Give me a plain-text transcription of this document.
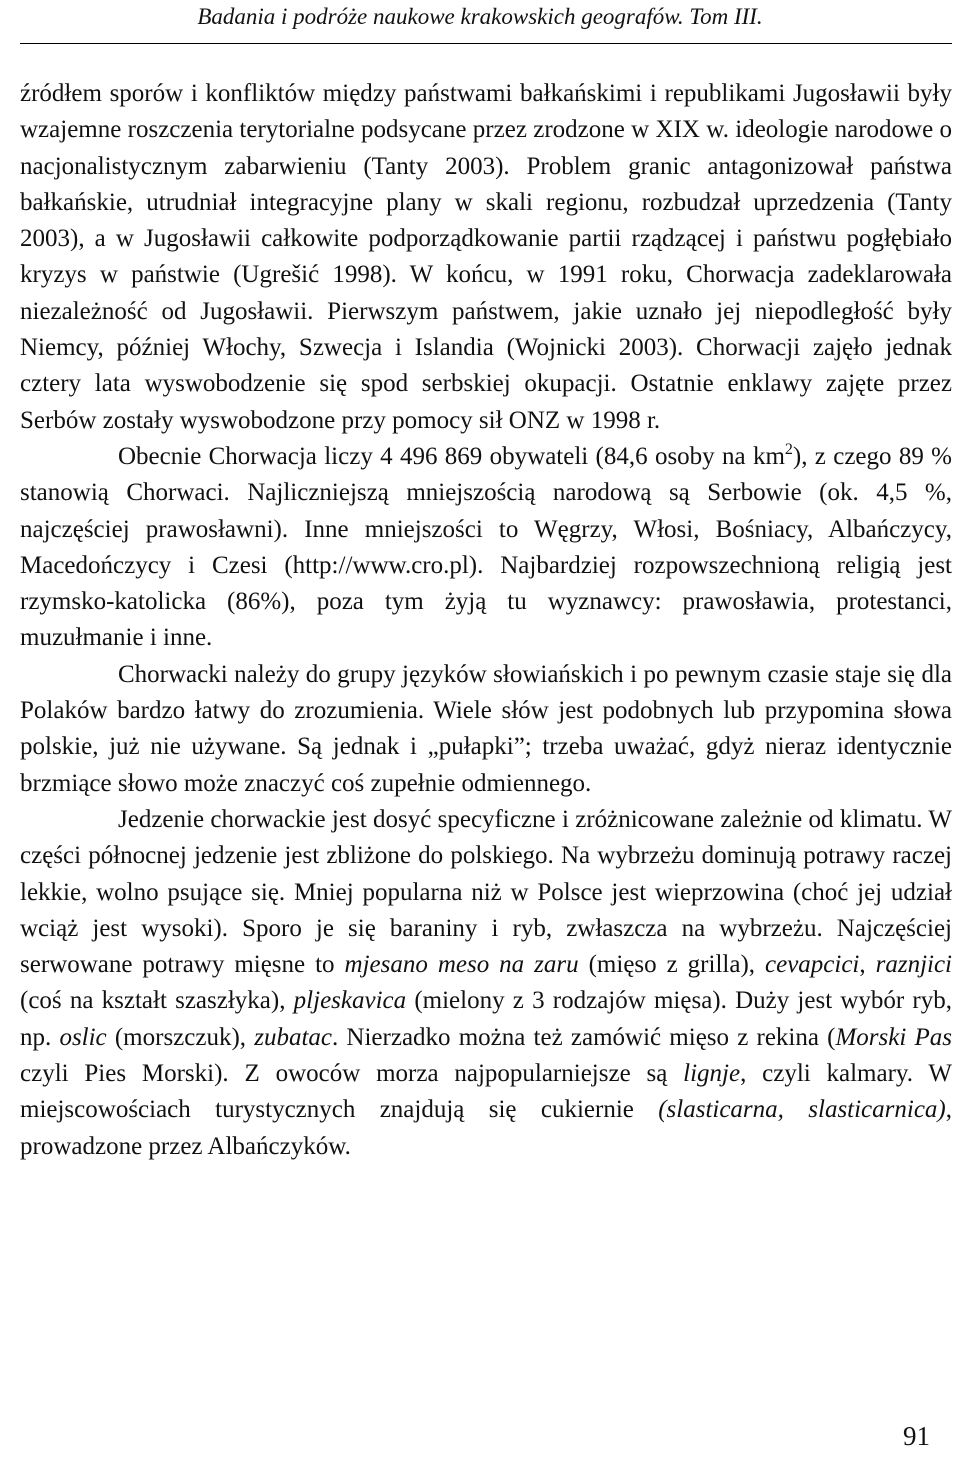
Badania i podróże naukowe krakowskich geografów. Tom III.

źródłem sporów i konfliktów między państwami bałkańskimi i republikami Jugosławii były wzajemne roszczenia terytorialne podsycane przez zrodzone w XIX w. ideologie narodowe o nacjonalistycznym zabarwieniu (Tanty 2003). Problem granic antagonizował państwa bałkańskie, utrudniał integracyjne plany w skali regionu, rozbudzał uprzedzenia (Tanty 2003), a w Jugosławii całkowite podporządkowanie partii rządzącej i państwu pogłębiało kryzys w państwie (Ugrešić 1998). W końcu, w 1991 roku, Chorwacja zadeklarowała niezależność od Jugosławii. Pierwszym państwem, jakie uznało jej niepodległość były Niemcy, później Włochy, Szwecja i Islandia (Wojnicki 2003). Chorwacji zajęło jednak cztery lata wyswobodzenie się spod serbskiej okupacji. Ostatnie enklawy zajęte przez Serbów zostały wyswobodzone przy pomocy sił ONZ w 1998 r.

Obecnie Chorwacja liczy 4 496 869 obywateli (84,6 osoby na $km^2$), z czego 89 % stanowią Chorwaci. Najliczniejszą mniejszością narodową są Serbowie (ok. 4,5 %, najczęściej prawosławni). Inne mniejszości to Węgrzy, Włosi, Bośniacy, Albańczycy, Macedończycy i Czesi (http://www.cro.pl). Najbardziej rozpowszechnioną religią jest rzymsko-katolicka (86%), poza tym żyją tu wyznawcy: prawosławia, protestanci, muzułmanie i inne.

Chorwacki należy do grupy języków słowiańskich i po pewnym czasie staje się dla Polaków bardzo łatwy do zrozumienia. Wiele słów jest podobnych lub przypomina słowa polskie, już nie używane. Są jednak i „pułapki”; trzeba uważać, gdyż nieraz identycznie brzmiące słowo może znaczyć coś zupełnie odmiennego.

Jedzenie chorwackie jest dosyć specyficzne i zróżnicowane zależnie od klimatu. W części północnej jedzenie jest zbliżone do polskiego. Na wybrzeżu dominują potrawy raczej lekkie, wolno psujące się. Mniej popularna niż w Polsce jest wieprzowina (choć jej udział wciąż jest wysoki). Sporo je się baraniny i ryb, zwłaszcza na wybrzeżu. Najczęściej serwowane potrawy mięsne to mjesano meso na zaru (mięso z grilla), cevapcici, raznjici (coś na kształt szaszłyka), pljeskavica (mielony z 3 rodzajów mięsa). Duży jest wybór ryb, np. oslic (morszczuk), zubatac. Nierzadko można też zamówić mięso z rekina (Morski Pas czyli Pies Morski). Z owoców morza najpopularniejsze są lignje, czyli kalmary. W miejscowościach turystycznych znajdują się cukiernie (slasticarna, slasticarnica), prowadzone przez Albańczyków.

91
